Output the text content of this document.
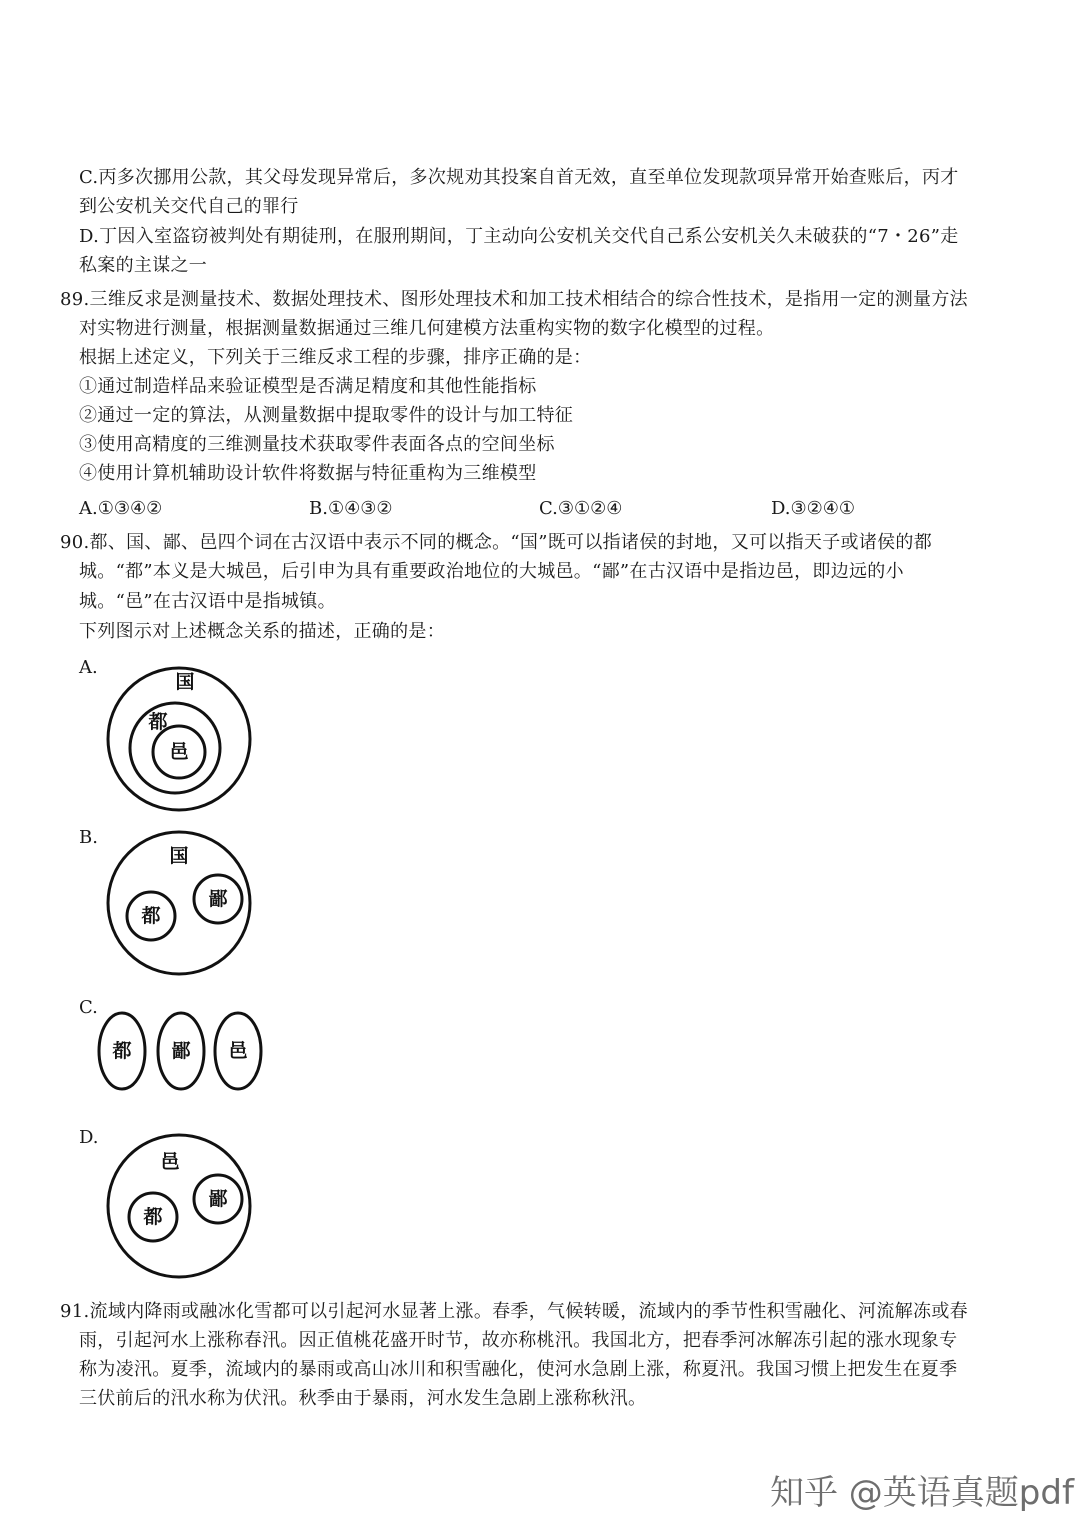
C.丙多次挪用公款，其父母发现异常后，多次规劝其投案自首无效，直至单位发现款项异常开始查账后，丙才
到公安机关交代自己的罪行
D.丁因入室盗窃被判处有期徒刑，在服刑期间，丁主动向公安机关交代自己系公安机关久未破获的“7・26”走
私案的主谋之一
89.三维反求是测量技术、数据处理技术、图形处理技术和加工技术相结合的综合性技术，是指用一定的测量方法
对实物进行测量，根据测量数据通过三维几何建模方法重构实物的数字化模型的过程。
根据上述定义，下列关于三维反求工程的步骤，排序正确的是：
①通过制造样品来验证模型是否满足精度和其他性能指标
②通过一定的算法，从测量数据中提取零件的设计与加工特征
③使用高精度的三维测量技术获取零件表面各点的空间坐标
④使用计算机辅助设计软件将数据与特征重构为三维模型
A.①③④②	B.①④③②	C.③①②④	D.③②④①
90.都、国、鄙、邑四个词在古汉语中表示不同的概念。“国”既可以指诸侯的封地，又可以指天子或诸侯的都
城。“都”本义是大城邑，后引申为具有重要政治地位的大城邑。“鄙”在古汉语中是指边邑，即边远的小
城。“邑”在古汉语中是指城镇。
下列图示对上述概念关系的描述，正确的是：
A.
国
都
邑
B.
国
都
鄙
C.
都 鄙 邑
D.
邑
都
鄙
91.流域内降雨或融冰化雪都可以引起河水显著上涨。春季，气候转暖，流域内的季节性积雪融化、河流解冻或春
雨，引起河水上涨称春汛。因正值桃花盛开时节，故亦称桃汛。我国北方，把春季河冰解冻引起的涨水现象专
称为凌汛。夏季，流域内的暴雨或高山冰川和积雪融化，使河水急剧上涨，称夏汛。我国习惯上把发生在夏季
三伏前后的汛水称为伏汛。秋季由于暴雨，河水发生急剧上涨称秋汛。
知乎 @英语真题pdf
